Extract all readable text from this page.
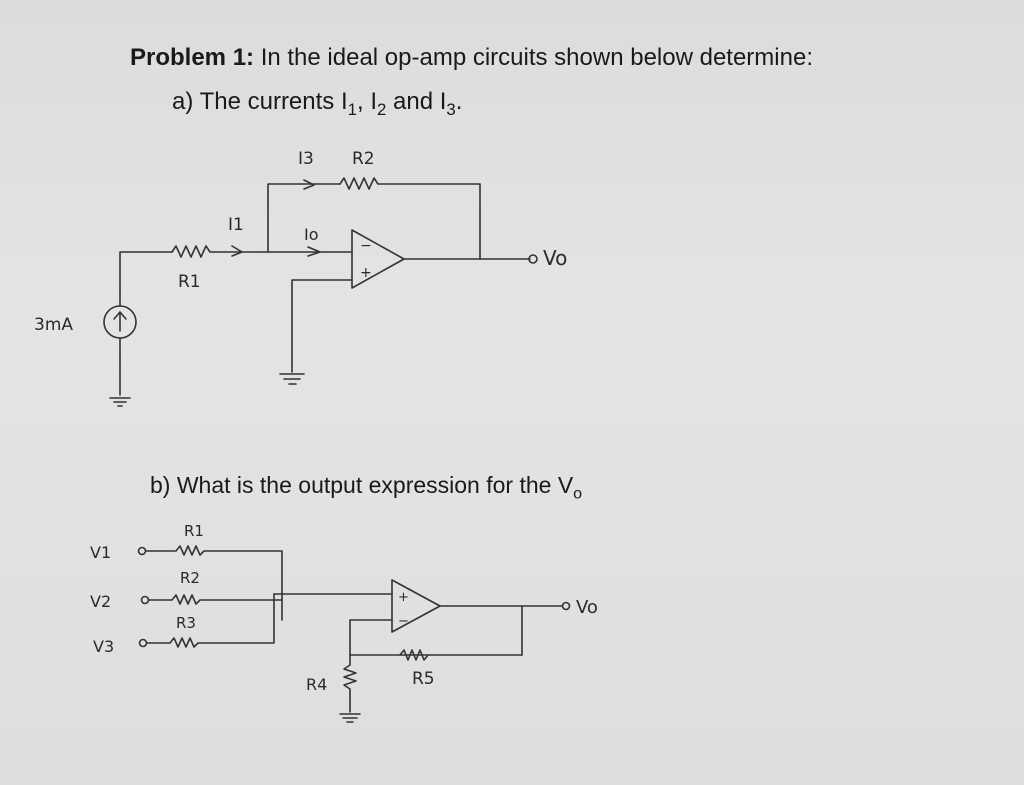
Problem 1: In the ideal op-amp circuits shown below determine:
a) The currents $I_1$, $I_2$ and $I_3$.
b) What is the output expression for the $V_o$
3mA
R1
R2
I1
I3
Io
Vo
−
+
V1
V2
V3
R1
R2
R3
R4	R5
Vo
+
−
